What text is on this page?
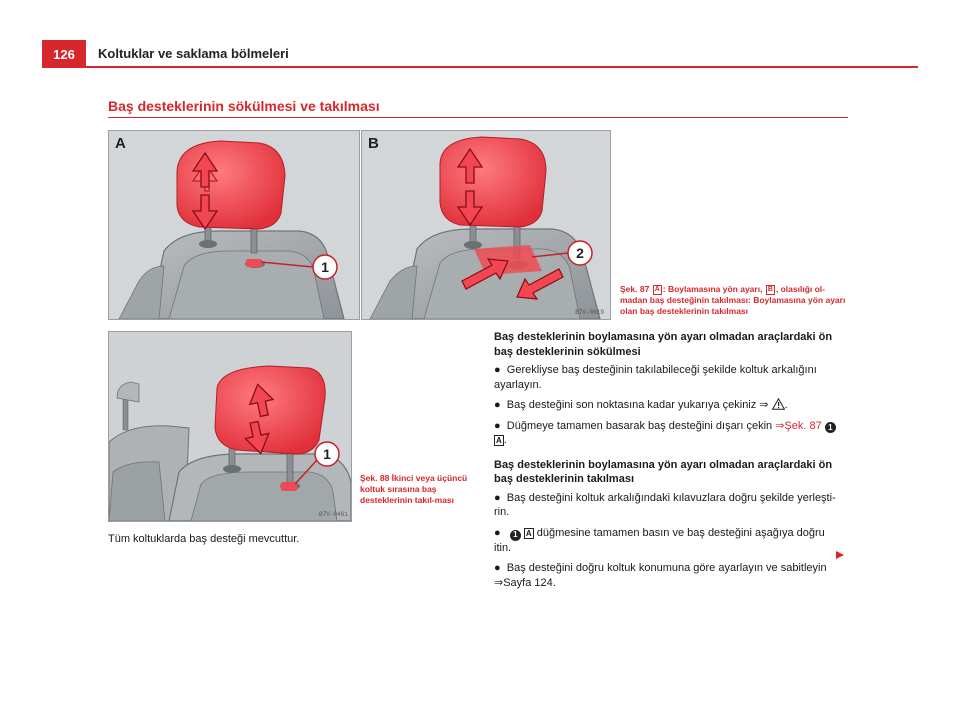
126	Koltuklar ve saklama bölmeleri
Baş desteklerinin sökülmesi ve takılması
1
A
2
B
B7V-0619
Şek. 87 A : Boylamasına yön ayarı, B , olasılığı ol-madan baş desteğinin takılması: Boylamasına yön ayarı olan baş desteklerinin takılması
1
B7V-0461
Şek. 88 İkinci veya üçüncü koltuk sırasına baş desteklerinin takıl-ması
Tüm koltuklarda baş desteği mevcuttur.

Baş desteklerinin boylamasına yön ayarı olmadan araçlardaki ön baş desteklerinin sökülmesi

● Gerekliyse baş desteğinin takılabileceği şekilde koltuk arkalığını ayarlayın.

● Baş desteğini son noktasına kadar yukarıya çekiniz ⇒ .

● Düğmeye tamamen basarak baş desteğini dışarı çekin ⇒Şek. 87 1
A .

Baş desteklerinin boylamasına yön ayarı olmadan araçlardaki ön baş desteklerinin takılması

● Baş desteğini koltuk arkalığındaki kılavuzlara doğru şekilde yerleşti-rin.

● 1 A düğmesine tamamen basın ve baş desteğini aşağıya doğru itin.

● Baş desteğini doğru koltuk konumuna göre ayarlayın ve sabitleyin
⇒Sayfa 124.
